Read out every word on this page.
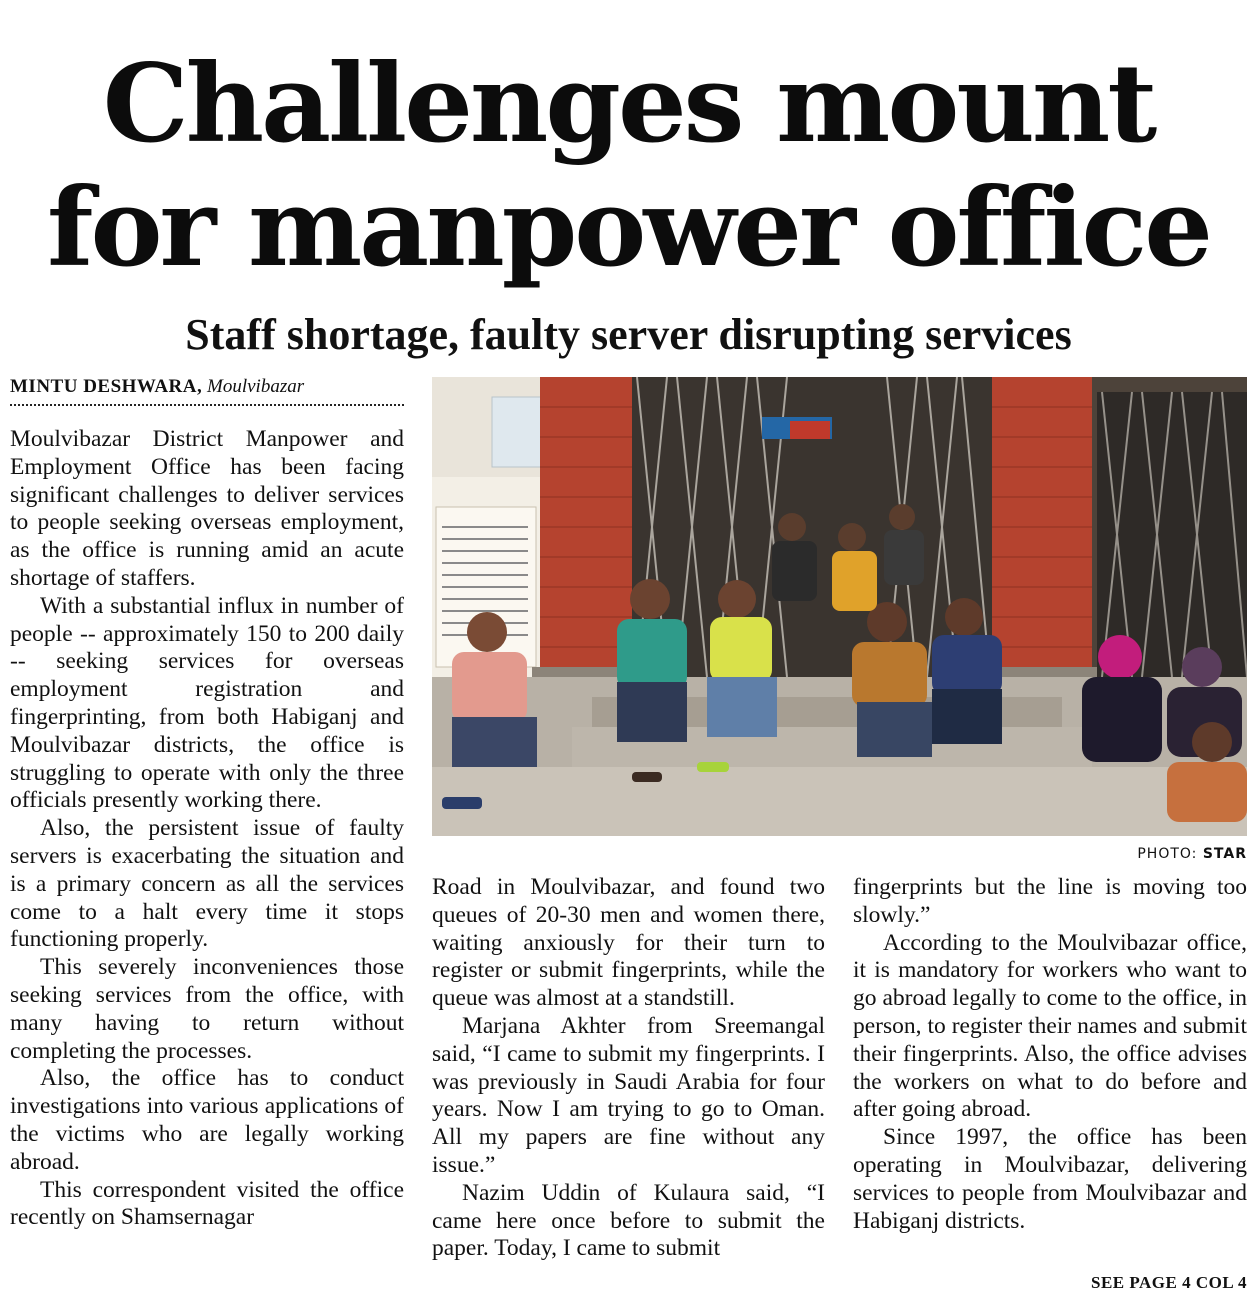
Challenges mount
for manpower office
Staff shortage, faulty server disrupting services
MINTU DESHWARA, Moulvibazar

Moulvibazar District Manpower and Employment Office has been facing significant challenges to deliver services to people seeking overseas employment, as the office is running amid an acute shortage of staffers.

With a substantial influx in number of people -- approximately 150 to 200 daily -- seeking services for overseas employment registration and fingerprinting, from both Habiganj and Moulvibazar districts, the office is struggling to operate with only the three officials presently working there.

Also, the persistent issue of faulty servers is exacerbating the situation and is a primary concern as all the services come to a halt every time it stops functioning properly.

This severely inconveniences those seeking services from the office, with many having to return without completing the processes.

Also, the office has to conduct investigations into various applications of the victims who are legally working abroad.

This correspondent visited the office recently on Shamsernagar

PHOTO: STAR

Road in Moulvibazar, and found two queues of 20-30 men and women there, waiting anxiously for their turn to register or submit fingerprints, while the queue was almost at a standstill.

Marjana Akhter from Sreemangal said, “I came to submit my fingerprints. I was previously in Saudi Arabia for four years. Now I am trying to go to Oman. All my papers are fine without any issue.”

Nazim Uddin of Kulaura said, “I came here once before to submit the paper. Today, I came to submit

fingerprints but the line is moving too slowly.”

According to the Moulvibazar office, it is mandatory for workers who want to go abroad legally to come to the office, in person, to register their names and submit their fingerprints. Also, the office advises the workers on what to do before and after going abroad.

Since 1997, the office has been operating in Moulvibazar, delivering services to people from Moulvibazar and Habiganj districts.

SEE PAGE 4 COL 4
